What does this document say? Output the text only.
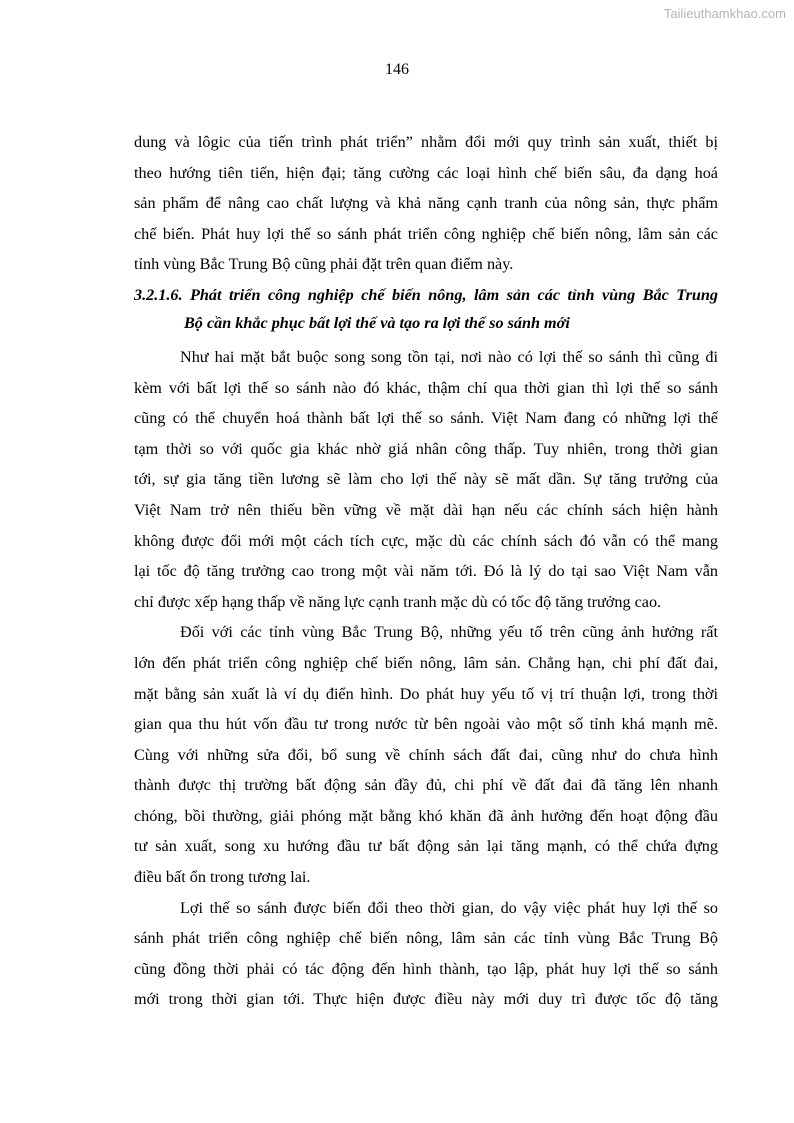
Tailieuthamkhao.com
146
dung và lôgic của tiến trình phát triển” nhằm đổi mới quy trình sản xuất, thiết bị
theo hướng tiên tiến, hiện đại; tăng cường các loại hình chế biến sâu, đa dạng hoá
sản phẩm để nâng cao chất lượng và khả năng cạnh tranh của nông sản, thực phẩm
chế biến. Phát huy lợi thế so sánh phát triển công nghiệp chế biến nông, lâm sản các
tỉnh vùng Bắc Trung Bộ cũng phải đặt trên quan điểm này.
3.2.1.6. Phát triển công nghiệp chế biến nông, lâm sản các tỉnh vùng Bắc Trung
Bộ cần khắc phục bất lợi thế và tạo ra lợi thế so sánh mới
Như hai mặt bắt buộc song song tồn tại, nơi nào có lợi thế so sánh thì cũng đi
kèm với bất lợi thế so sánh nào đó khác, thậm chí qua thời gian thì lợi thế so sánh
cũng có thể chuyển hoá thành bất lợi thế so sánh. Việt Nam đang có những lợi thế
tạm thời so với quốc gia khác nhờ giá nhân công thấp. Tuy nhiên, trong thời gian
tới, sự gia tăng tiền lương sẽ làm cho lợi thế này sẽ mất dần. Sự tăng trưởng của
Việt Nam trở nên thiếu bền vững về mặt dài hạn nếu các chính sách hiện hành
không được đổi mới một cách tích cực, mặc dù các chính sách đó vẫn có thể mang
lại tốc độ tăng trưởng cao trong một vài năm tới. Đó là lý do tại sao Việt Nam vẫn
chỉ được xếp hạng thấp về năng lực cạnh tranh mặc dù có tốc độ tăng trưởng cao.
Đối với các tỉnh vùng Bắc Trung Bộ, những yếu tố trên cũng ảnh hưởng rất
lớn đến phát triển công nghiệp chế biến nông, lâm sản. Chẳng hạn, chi phí đất đai,
mặt bằng sản xuất là ví dụ điển hình. Do phát huy yếu tố vị trí thuận lợi, trong thời
gian qua thu hút vốn đầu tư trong nước từ bên ngoài vào một số tỉnh khá mạnh mẽ.
Cùng với những sửa đổi, bổ sung về chính sách đất đai, cũng như do chưa hình
thành được thị trường bất động sản đầy đủ, chi phí về đất đai đã tăng lên nhanh
chóng, bồi thường, giải phóng mặt bằng khó khăn đã ảnh hưởng đến hoạt động đầu
tư sản xuất, song xu hướng đầu tư bất động sản lại tăng mạnh, có thể chứa đựng
điều bất ổn trong tương lai.
Lợi thế so sánh được biến đổi theo thời gian, do vậy việc phát huy lợi thế so
sánh phát triển công nghiệp chế biến nông, lâm sản các tỉnh vùng Bắc Trung Bộ
cũng đồng thời phải có tác động đến hình thành, tạo lập, phát huy lợi thế so sánh
mới trong thời gian tới. Thực hiện được điều này mới duy trì được tốc độ tăng
